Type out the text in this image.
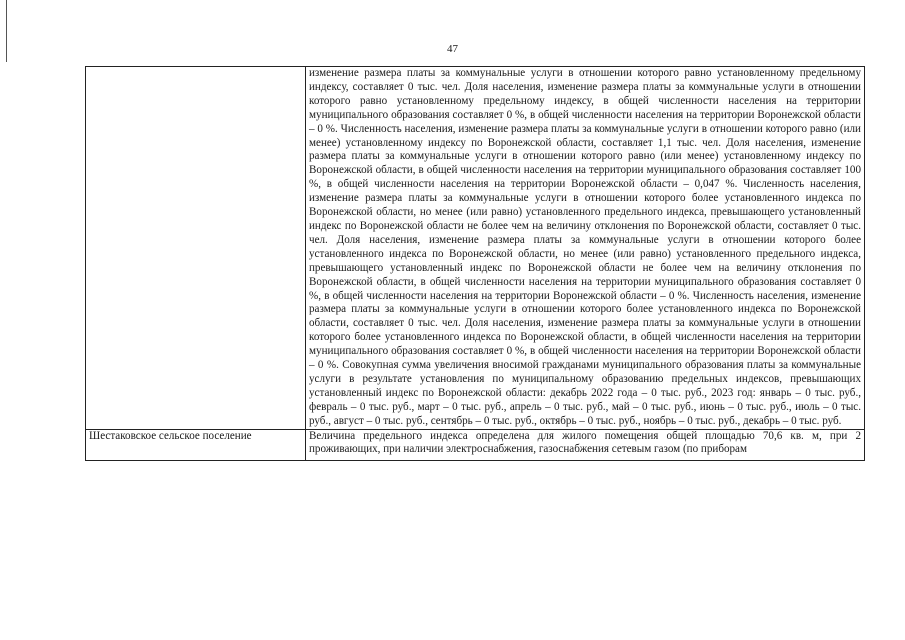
47
	изменение размера платы за коммунальные услуги в отношении которого равно установленному предельному индексу, составляет 0 тыс. чел. Доля населения, изменение размера платы за коммунальные услуги в отношении которого равно установленному предельному индексу, в общей численности населения на территории муниципального образования составляет 0 %, в общей численности населения на территории Воронежской области – 0 %. Численность населения, изменение размера платы за коммунальные услуги в отношении которого равно (или менее) установленному индексу по Воронежской области, составляет 1,1 тыс. чел. Доля населения, изменение размера платы за коммунальные услуги в отношении которого равно (или менее) установленному индексу по Воронежской области, в общей численности населения на территории муниципального образования составляет 100 %, в общей численности населения на территории Воронежской области – 0,047 %. Численность населения, изменение размера платы за коммунальные услуги в отношении которого более установленного индекса по Воронежской области, но менее (или равно) установленного предельного индекса, превышающего установленный индекс по Воронежской области не более чем на величину отклонения по Воронежской области, составляет 0 тыс. чел. Доля населения, изменение размера платы за коммунальные услуги в отношении которого более установленного индекса по Воронежской области, но менее (или равно) установленного предельного индекса, превышающего установленный индекс по Воронежской области не более чем на величину отклонения по Воронежской области, в общей численности населения на территории муниципального образования составляет 0 %, в общей численности населения на территории Воронежской области – 0 %. Численность населения, изменение размера платы за коммунальные услуги в отношении которого более установленного индекса по Воронежской области, составляет 0 тыс. чел. Доля населения, изменение размера платы за коммунальные услуги в отношении которого более установленного индекса по Воронежской области, в общей численности населения на территории муниципального образования составляет 0 %, в общей численности населения на территории Воронежской области – 0 %. Совокупная сумма увеличения вносимой гражданами муниципального образования платы за коммунальные услуги в результате установления по муниципальному образованию предельных индексов, превышающих установленный индекс по Воронежской области: декабрь 2022 года – 0 тыс. руб., 2023 год: январь – 0 тыс. руб., февраль – 0 тыс. руб., март – 0 тыс. руб., апрель – 0 тыс. руб., май – 0 тыс. руб., июнь – 0 тыс. руб., июль – 0 тыс. руб., август – 0 тыс. руб., сентябрь – 0 тыс. руб., октябрь – 0 тыс. руб., ноябрь – 0 тыс. руб., декабрь – 0 тыс. руб.

Шестаковское сельское поселение	Величина предельного индекса определена для жилого помещения общей площадью 70,6 кв. м, при 2 проживающих, при наличии электроснабжения, газоснабжения сетевым газом (по приборам
